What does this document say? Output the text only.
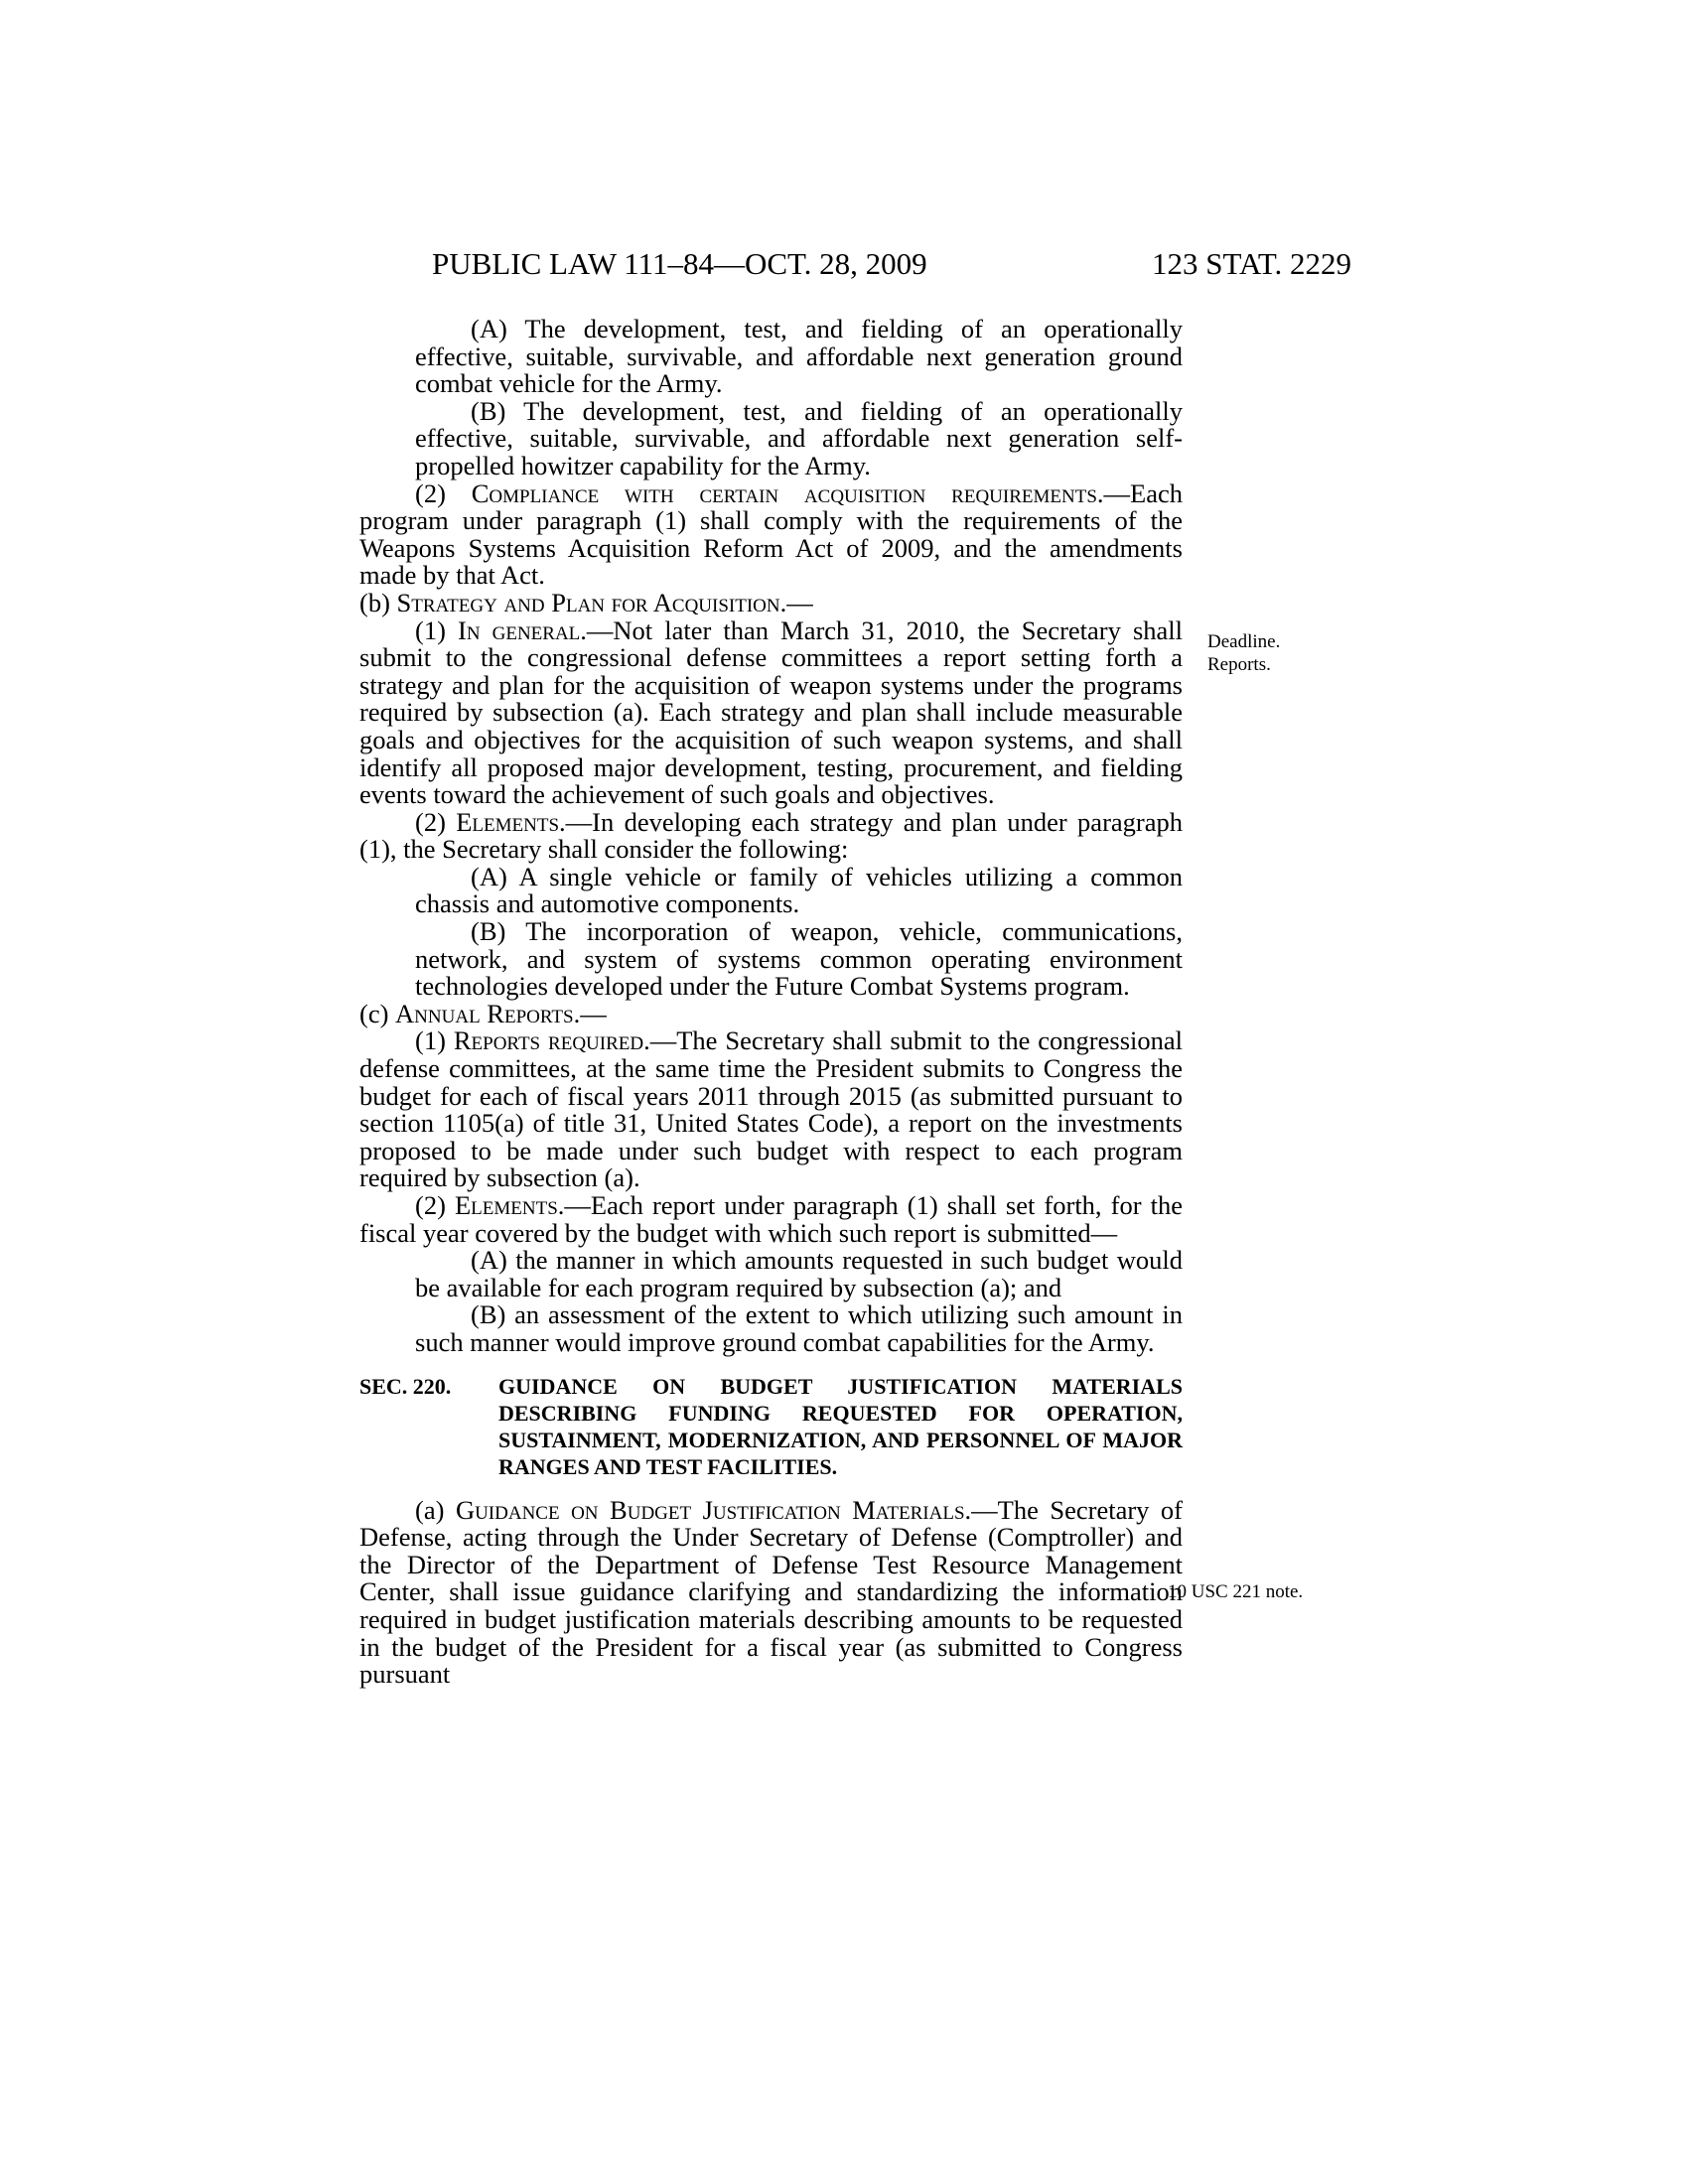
PUBLIC LAW 111–84—OCT. 28, 2009	123 STAT. 2229
Deadline.
Reports.
10 USC 221 note.

(A) The development, test, and fielding of an operationally effective, suitable, survivable, and affordable next generation ground combat vehicle for the Army.

(B) The development, test, and fielding of an operationally effective, suitable, survivable, and affordable next generation self-propelled howitzer capability for the Army.

(2) Compliance with certain acquisition requirements.—Each program under paragraph (1) shall comply with the requirements of the Weapons Systems Acquisition Reform Act of 2009, and the amendments made by that Act.

(b) Strategy and Plan for Acquisition.—

(1) In general.—Not later than March 31, 2010, the Secretary shall submit to the congressional defense committees a report setting forth a strategy and plan for the acquisition of weapon systems under the programs required by subsection (a). Each strategy and plan shall include measurable goals and objectives for the acquisition of such weapon systems, and shall identify all proposed major development, testing, procurement, and fielding events toward the achievement of such goals and objectives.

(2) Elements.—In developing each strategy and plan under paragraph (1), the Secretary shall consider the following:

(A) A single vehicle or family of vehicles utilizing a common chassis and automotive components.

(B) The incorporation of weapon, vehicle, communications, network, and system of systems common operating environment technologies developed under the Future Combat Systems program.

(c) Annual Reports.—

(1) Reports required.—The Secretary shall submit to the congressional defense committees, at the same time the President submits to Congress the budget for each of fiscal years 2011 through 2015 (as submitted pursuant to section 1105(a) of title 31, United States Code), a report on the investments proposed to be made under such budget with respect to each program required by subsection (a).

(2) Elements.—Each report under paragraph (1) shall set forth, for the fiscal year covered by the budget with which such report is submitted—

(A) the manner in which amounts requested in such budget would be available for each program required by subsection (a); and

(B) an assessment of the extent to which utilizing such amount in such manner would improve ground combat capabilities for the Army.

SEC. 220.	GUIDANCE ON BUDGET JUSTIFICATION MATERIALS DESCRIBING FUNDING REQUESTED FOR OPERATION, SUSTAINMENT, MODERNIZATION, AND PERSONNEL OF MAJOR RANGES AND TEST FACILITIES.

(a) Guidance on Budget Justification Materials.—The Secretary of Defense, acting through the Under Secretary of Defense (Comptroller) and the Director of the Department of Defense Test Resource Management Center, shall issue guidance clarifying and standardizing the information required in budget justification materials describing amounts to be requested in the budget of the President for a fiscal year (as submitted to Congress pursuant
